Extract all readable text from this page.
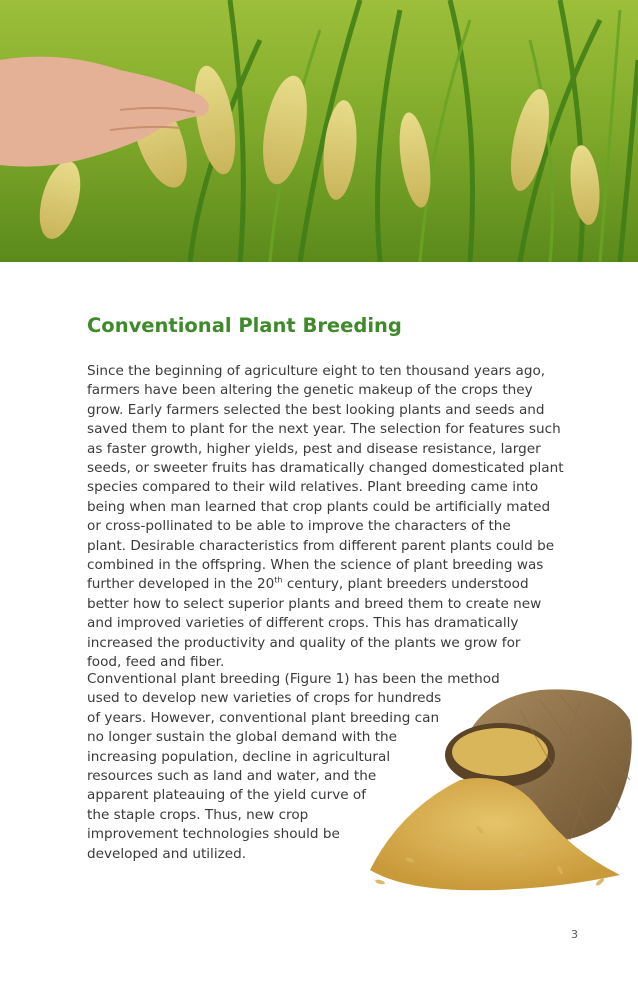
Conventional Plant Breeding

Since the beginning of agriculture eight to ten thousand years ago,
farmers have been altering the genetic makeup of the crops they
grow. Early farmers selected the best looking plants and seeds and
saved them to plant for the next year. The selection for features such
as faster growth, higher yields, pest and disease resistance, larger
seeds, or sweeter fruits has dramatically changed domesticated plant
species compared to their wild relatives. Plant breeding came into
being when man learned that crop plants could be artificially mated
or cross-pollinated to be able to improve the characters of the
plant. Desirable characteristics from different parent plants could be
combined in the offspring. When the science of plant breeding was
further developed in the 20th century, plant breeders understood
better how to select superior plants and breed them to create new
and improved varieties of different crops. This has dramatically
increased the productivity and quality of the plants we grow for
food, feed and fiber.

Conventional plant breeding (Figure 1) has been the method
used to develop new varieties of crops for hundreds
of years. However, conventional plant breeding can
no longer sustain the global demand with the
increasing population, decline in agricultural
resources such as land and water, and the
apparent plateauing of the yield curve of
the staple crops. Thus, new crop
improvement technologies should be
developed and utilized.

3
